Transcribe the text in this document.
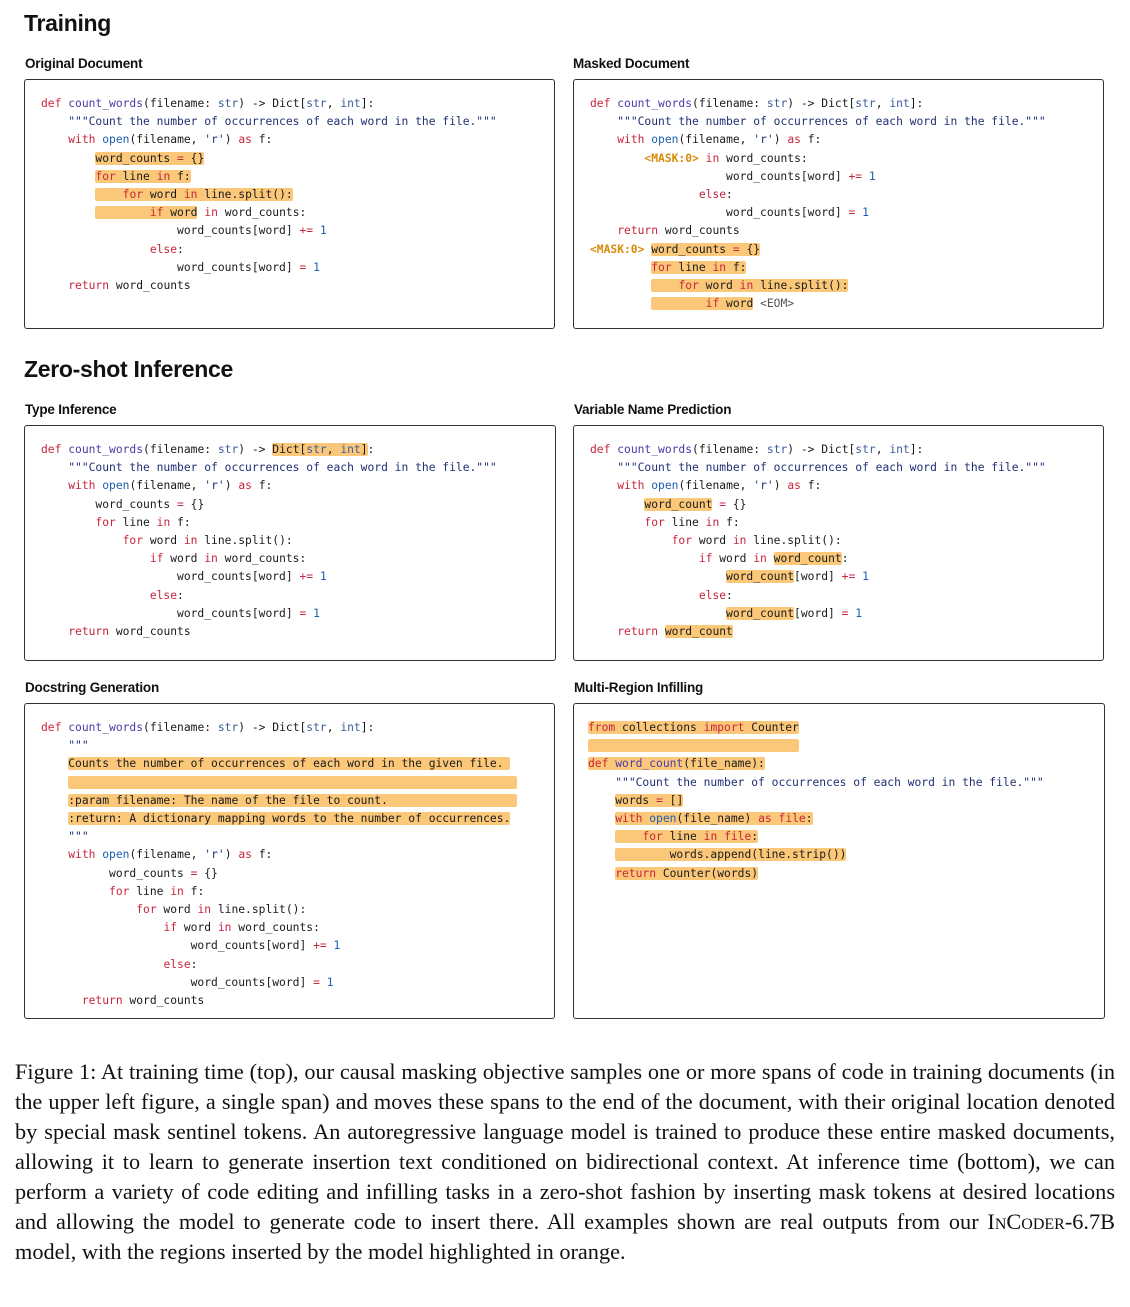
Training
Zero-shot Inference
Original Document	Masked Document
Type Inference	Variable Name Prediction
Docstring Generation	Multi-Region Infilling
def count_words(filename: str) -> Dict[str, int]:
"""Count the number of occurrences of each word in the file."""
with open(filename, 'r') as f:
word_counts = {}
for line in f:
for word in line.split():
if word in word_counts:
word_counts[word] += 1
else:
word_counts[word] = 1
return word_counts
def count_words(filename: str) -> Dict[str, int]:
"""Count the number of occurrences of each word in the file."""
with open(filename, 'r') as f:
<MASK:0> in word_counts:
word_counts[word] += 1
else:
word_counts[word] = 1
return word_counts
<MASK:0> word_counts = {}
for line in f:
for word in line.split():
if word <EOM>
def count_words(filename: str) -> Dict[str, int]:
"""Count the number of occurrences of each word in the file."""
with open(filename, 'r') as f:
word_counts = {}
for line in f:
for word in line.split():
if word in word_counts:
word_counts[word] += 1
else:
word_counts[word] = 1
return word_counts
def count_words(filename: str) -> Dict[str, int]:
"""Count the number of occurrences of each word in the file."""
with open(filename, 'r') as f:
word_count = {}
for line in f:
for word in line.split():
if word in word_count:
word_count[word] += 1
else:
word_count[word] = 1
return word_count
def count_words(filename: str) -> Dict[str, int]:
"""
Counts the number of occurrences of each word in the given file.

:param filename: The name of the file to count.
:return: A dictionary mapping words to the number of occurrences.
"""
with open(filename, 'r') as f:
word_counts = {}
for line in f:
for word in line.split():
if word in word_counts:
word_counts[word] += 1
else:
word_counts[word] = 1
return word_counts
from collections import Counter

def word_count(file_name):
"""Count the number of occurrences of each word in the file."""
words = []
with open(file_name) as file:
for line in file:
words.append(line.strip())
return Counter(words)
Figure 1: At training time (top), our causal masking objective samples one or more spans of code in training documents (in the upper left figure, a single span) and moves these spans to the end of the document, with their original location denoted by special mask sentinel tokens. An autoregressive language model is trained to produce these entire masked documents, allowing it to learn to generate insertion text conditioned on bidirectional context. At inference time (bottom), we can perform a variety of code editing and infilling tasks in a zero-shot fashion by inserting mask tokens at desired locations and allowing the model to generate code to insert there. All examples shown are real outputs from our InCoder-6.7B model, with the regions inserted by the model highlighted in orange.
